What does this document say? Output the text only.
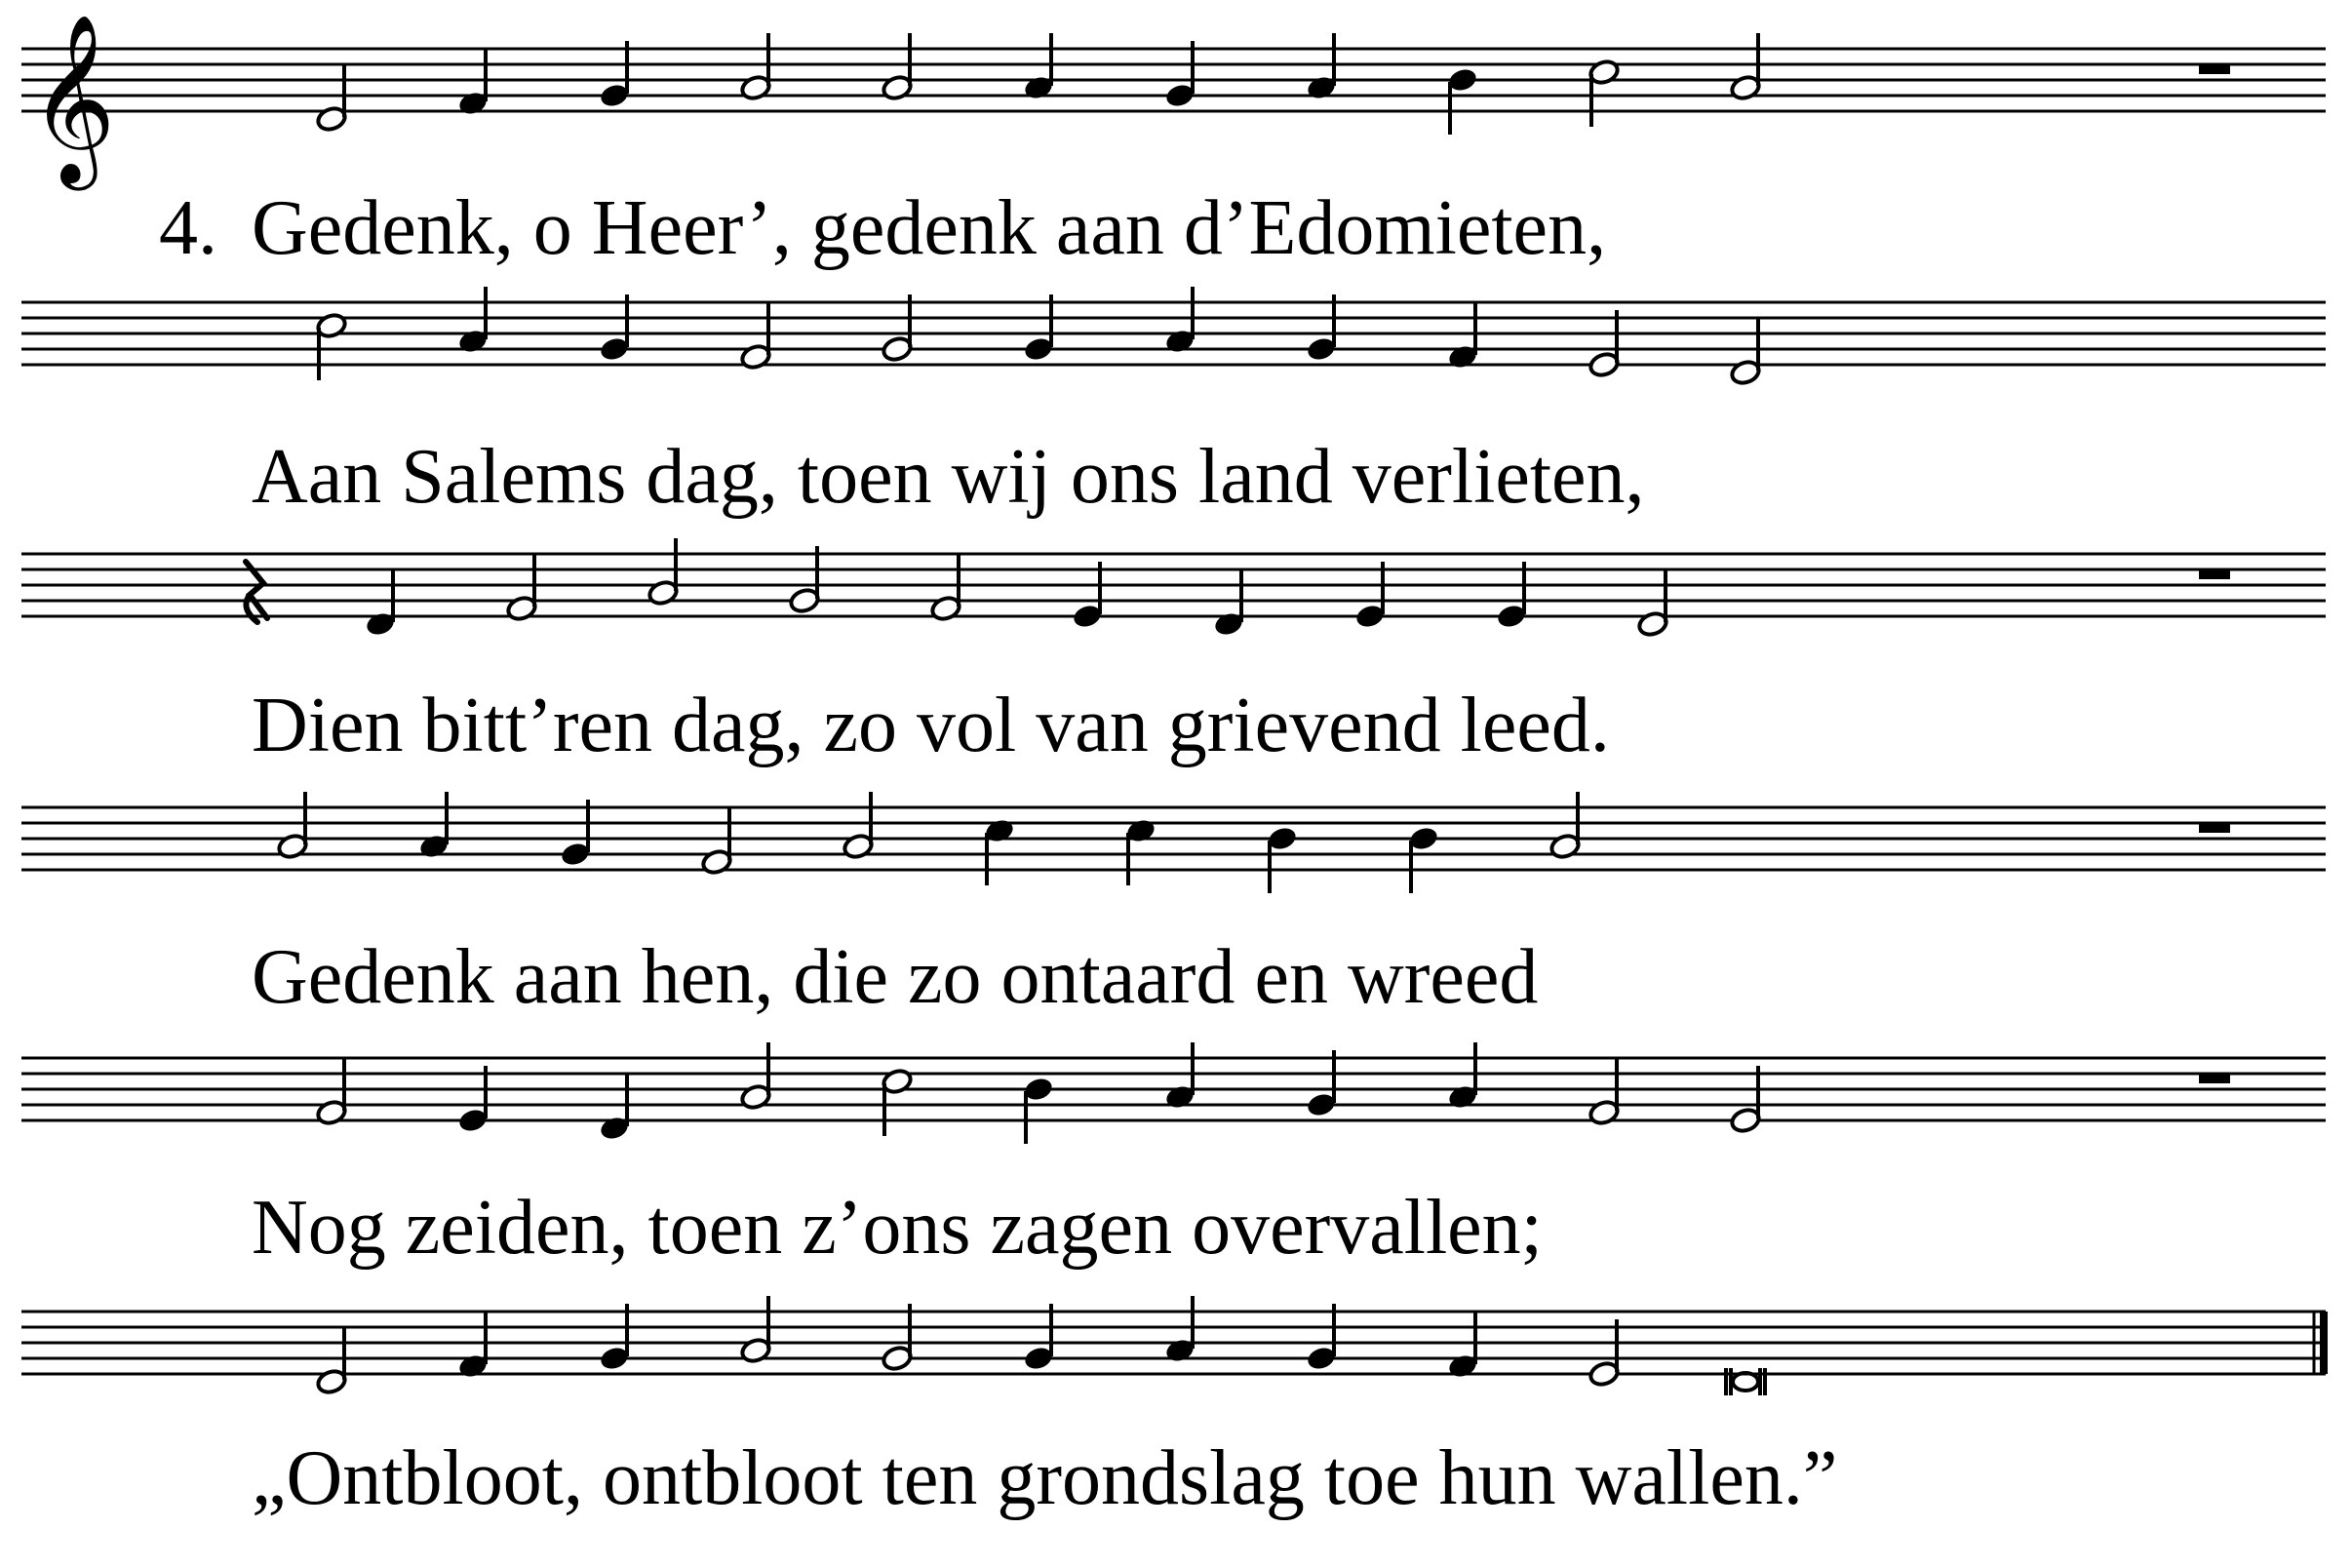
𝄞
4. Gedenk, o Heer’, gedenk aan d’Edomieten,
Aan Salems dag, toen wij ons land verlieten,
Dien bitt’ren dag, zo vol van grievend leed.
Gedenk aan hen, die zo ontaard en wreed
Nog zeiden, toen z’ons zagen overvallen;
„Ontbloot, ontbloot ten grondslag toe hun wallen.”
